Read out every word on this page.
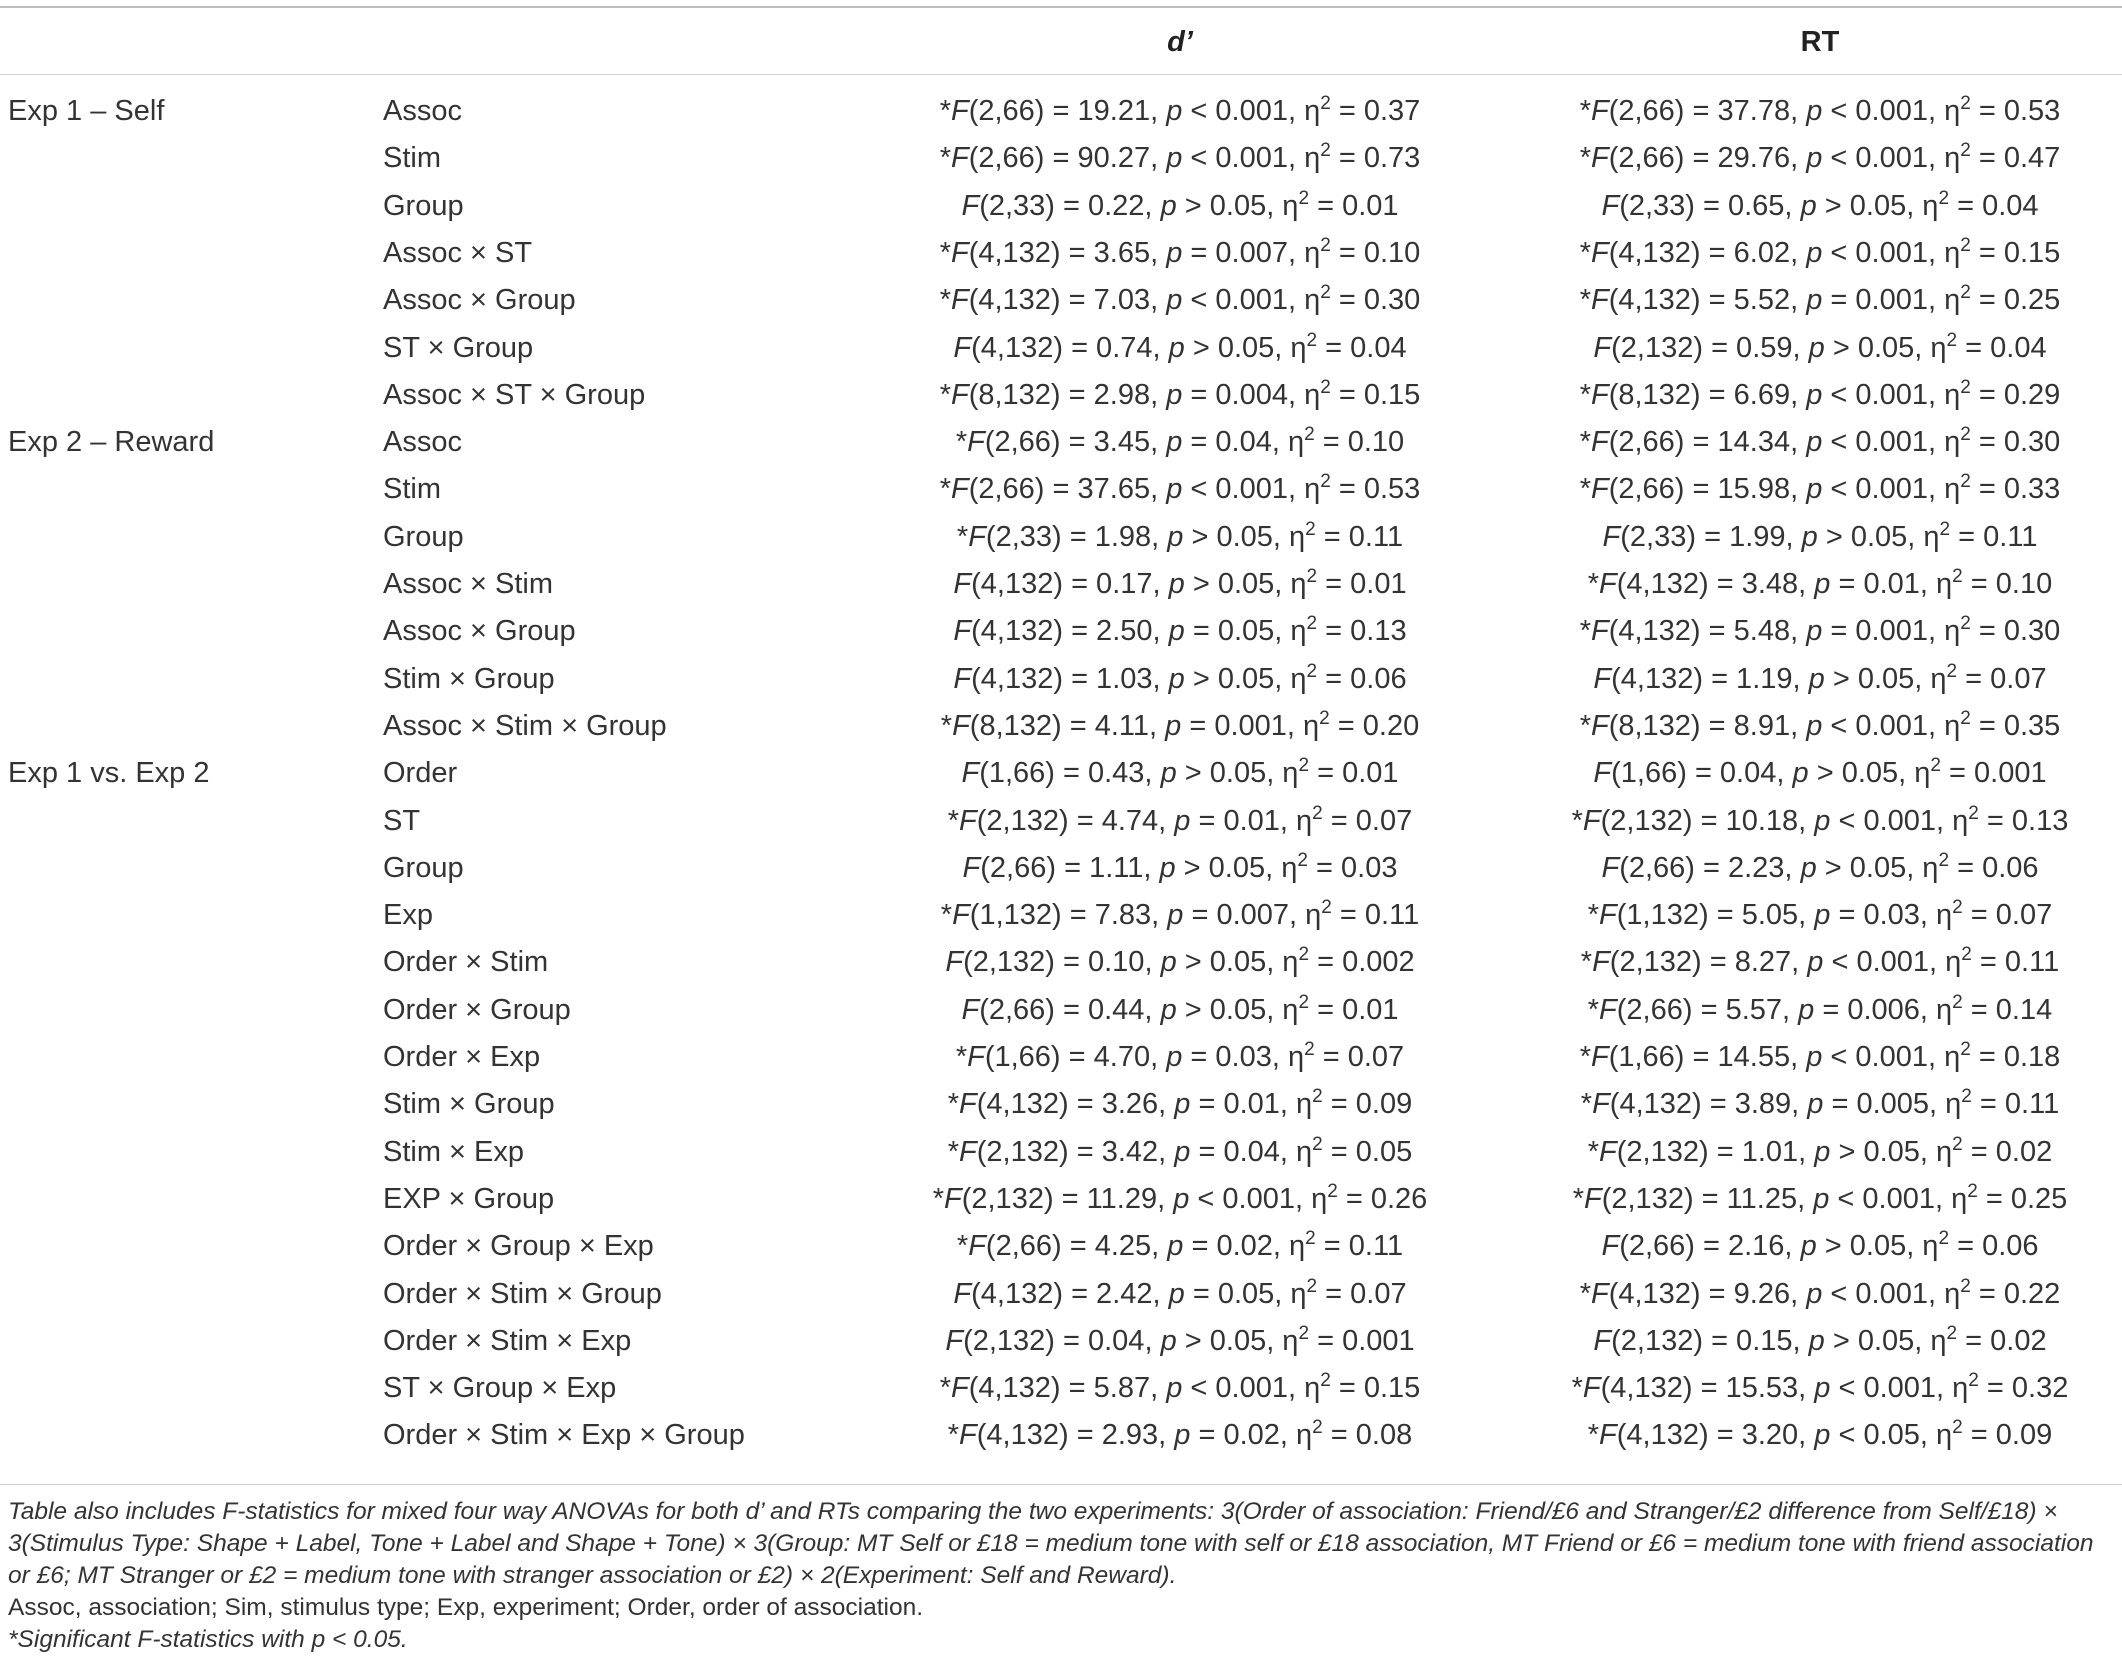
d’	RT
Exp 1 – Self	Assoc	*F(2,66) = 19.21, p < 0.001, $\eta^2 = 0.37$	*F(2,66) = 37.78, p < 0.001, $\eta^2 = 0.53$
Stim	*F(2,66) = 90.27, p < 0.001, $\eta^2 = 0.73$	*F(2,66) = 29.76, p < 0.001, $\eta^2 = 0.47$
Group	F(2,33) = 0.22, p > 0.05, $\eta^2 = 0.01$	F(2,33) = 0.65, p > 0.05, $\eta^2 = 0.04$
Assoc × ST	*F(4,132) = 3.65, p = 0.007, $\eta^2 = 0.10$	*F(4,132) = 6.02, p < 0.001, $\eta^2 = 0.15$
Assoc × Group	*F(4,132) = 7.03, p < 0.001, $\eta^2 = 0.30$	*F(4,132) = 5.52, p = 0.001, $\eta^2 = 0.25$
ST × Group	F(4,132) = 0.74, p > 0.05, $\eta^2 = 0.04$	F(2,132) = 0.59, p > 0.05, $\eta^2 = 0.04$
Assoc × ST × Group	*F(8,132) = 2.98, p = 0.004, $\eta^2 = 0.15$	*F(8,132) = 6.69, p < 0.001, $\eta^2 = 0.29$
Exp 2 – Reward	Assoc	*F(2,66) = 3.45, p = 0.04, $\eta^2 = 0.10$	*F(2,66) = 14.34, p < 0.001, $\eta^2 = 0.30$
Stim	*F(2,66) = 37.65, p < 0.001, $\eta^2 = 0.53$	*F(2,66) = 15.98, p < 0.001, $\eta^2 = 0.33$
Group	*F(2,33) = 1.98, p > 0.05, $\eta^2 = 0.11$	F(2,33) = 1.99, p > 0.05, $\eta^2 = 0.11$
Assoc × Stim	F(4,132) = 0.17, p > 0.05, $\eta^2 = 0.01$	*F(4,132) = 3.48, p = 0.01, $\eta^2 = 0.10$
Assoc × Group	F(4,132) = 2.50, p = 0.05, $\eta^2 = 0.13$	*F(4,132) = 5.48, p = 0.001, $\eta^2 = 0.30$
Stim × Group	F(4,132) = 1.03, p > 0.05, $\eta^2 = 0.06$	F(4,132) = 1.19, p > 0.05, $\eta^2 = 0.07$
Assoc × Stim × Group	*F(8,132) = 4.11, p = 0.001, $\eta^2 = 0.20$	*F(8,132) = 8.91, p < 0.001, $\eta^2 = 0.35$
Exp 1 vs. Exp 2	Order	F(1,66) = 0.43, p > 0.05, $\eta^2 = 0.01$	F(1,66) = 0.04, p > 0.05, $\eta^2 = 0.001$
ST	*F(2,132) = 4.74, p = 0.01, $\eta^2 = 0.07$	*F(2,132) = 10.18, p < 0.001, $\eta^2 = 0.13$
Group	F(2,66) = 1.11, p > 0.05, $\eta^2 = 0.03$	F(2,66) = 2.23, p > 0.05, $\eta^2 = 0.06$
Exp	*F(1,132) = 7.83, p = 0.007, $\eta^2 = 0.11$	*F(1,132) = 5.05, p = 0.03, $\eta^2 = 0.07$
Order × Stim	F(2,132) = 0.10, p > 0.05, $\eta^2 = 0.002$	*F(2,132) = 8.27, p < 0.001, $\eta^2 = 0.11$
Order × Group	F(2,66) = 0.44, p > 0.05, $\eta^2 = 0.01$	*F(2,66) = 5.57, p = 0.006, $\eta^2 = 0.14$
Order × Exp	*F(1,66) = 4.70, p = 0.03, $\eta^2 = 0.07$	*F(1,66) = 14.55, p < 0.001, $\eta^2 = 0.18$
Stim × Group	*F(4,132) = 3.26, p = 0.01, $\eta^2 = 0.09$	*F(4,132) = 3.89, p = 0.005, $\eta^2 = 0.11$
Stim × Exp	*F(2,132) = 3.42, p = 0.04, $\eta^2 = 0.05$	*F(2,132) = 1.01, p > 0.05, $\eta^2 = 0.02$
EXP × Group	*F(2,132) = 11.29, p < 0.001, $\eta^2 = 0.26$	*F(2,132) = 11.25, p < 0.001, $\eta^2 = 0.25$
Order × Group × Exp	*F(2,66) = 4.25, p = 0.02, $\eta^2 = 0.11$	F(2,66) = 2.16, p > 0.05, $\eta^2 = 0.06$
Order × Stim × Group	F(4,132) = 2.42, p = 0.05, $\eta^2 = 0.07$	*F(4,132) = 9.26, p < 0.001, $\eta^2 = 0.22$
Order × Stim × Exp	F(2,132) = 0.04, p > 0.05, $\eta^2 = 0.001$	F(2,132) = 0.15, p > 0.05, $\eta^2 = 0.02$
ST × Group × Exp	*F(4,132) = 5.87, p < 0.001, $\eta^2 = 0.15$	*F(4,132) = 15.53, p < 0.001, $\eta^2 = 0.32$
Order × Stim × Exp × Group	*F(4,132) = 2.93, p = 0.02, $\eta^2 = 0.08$	*F(4,132) = 3.20, p < 0.05, $\eta^2 = 0.09$

Table also includes F-statistics for mixed four way ANOVAs for both d’ and RTs comparing the two experiments: 3(Order of association: Friend/£6 and Stranger/£2 difference from Self/£18) × 3(Stimulus Type: Shape + Label, Tone + Label and Shape + Tone) × 3(Group: MT Self or £18 = medium tone with self or £18 association, MT Friend or £6 = medium tone with friend association or £6; MT Stranger or £2 = medium tone with stranger association or £2) × 2(Experiment: Self and Reward).

Assoc, association; Sim, stimulus type; Exp, experiment; Order, order of association.

*Significant F-statistics with p < 0.05.
